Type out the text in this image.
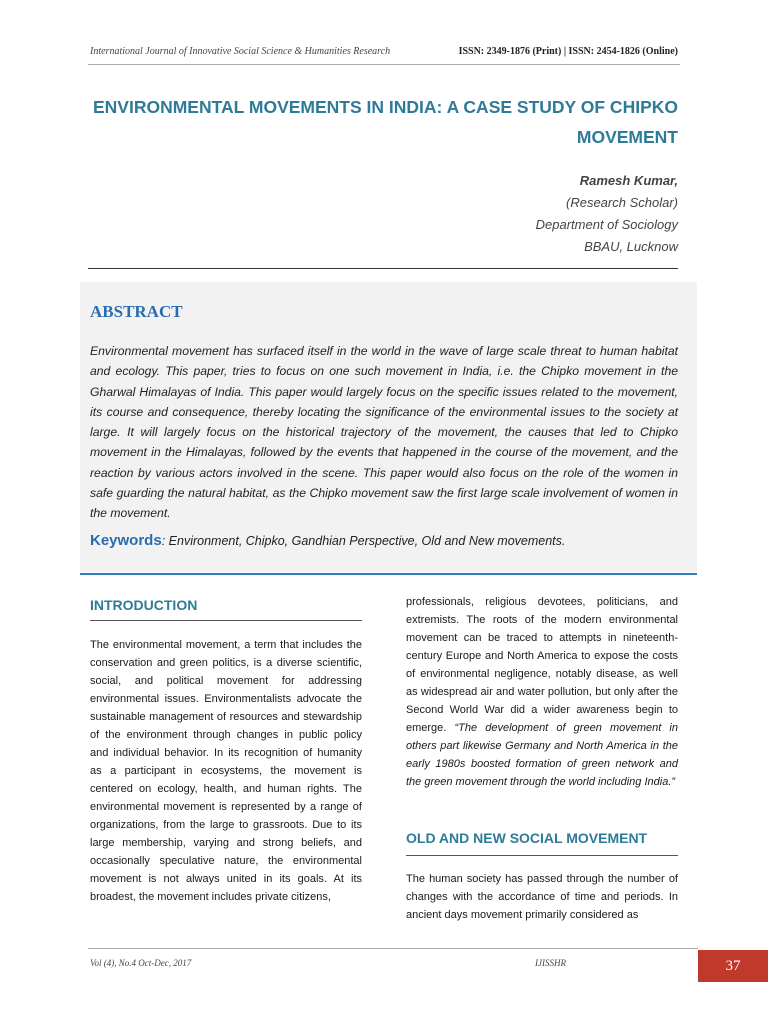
International Journal of Innovative Social Science & Humanities Research	ISSN: 2349-1876 (Print) | ISSN: 2454-1826 (Online)
ENVIRONMENTAL MOVEMENTS IN INDIA: A CASE STUDY OF CHIPKO
MOVEMENT
Ramesh Kumar,
(Research Scholar)
Department of Sociology
BBAU, Lucknow
ABSTRACT
Environmental movement has surfaced itself in the world in the wave of large scale threat to human habitat and ecology. This paper, tries to focus on one such movement in India, i.e. the Chipko movement in the Gharwal Himalayas of India. This paper would largely focus on the specific issues related to the movement, its course and consequence, thereby locating the significance of the environmental issues to the society at large. It will largely focus on the historical trajectory of the movement, the causes that led to Chipko movement in the Himalayas, followed by the events that happened in the course of the movement, and the reaction by various actors involved in the scene. This paper would also focus on the role of the women in safe guarding the natural habitat, as the Chipko movement saw the first large scale involvement of women in the movement.
Keywords: Environment, Chipko, Gandhian Perspective, Old and New movements.
INTRODUCTION
The environmental movement, a term that includes the conservation and green politics, is a diverse scientific, social, and political movement for addressing environmental issues. Environmentalists advocate the sustainable management of resources and stewardship of the environment through changes in public policy and individual behavior. In its recognition of humanity as a participant in ecosystems, the movement is centered on ecology, health, and human rights. The environmental movement is represented by a range of organizations, from the large to grassroots. Due to its large membership, varying and strong beliefs, and occasionally speculative nature, the environmental movement is not always united in its goals. At its broadest, the movement includes private citizens,
professionals, religious devotees, politicians, and extremists. The roots of the modern environmental movement can be traced to attempts in nineteenth-century Europe and North America to expose the costs of environmental negligence, notably disease, as well as widespread air and water pollution, but only after the Second World War did a wider awareness begin to emerge. “The development of green movement in others part likewise Germany and North America in the early 1980s boosted formation of green network and the green movement through the world including India.”
OLD AND NEW SOCIAL MOVEMENT
The human society has passed through the number of changes with the accordance of time and periods. In ancient days movement primarily considered as
Vol (4), No.4 Oct-Dec, 2017	IJISSHR	37
